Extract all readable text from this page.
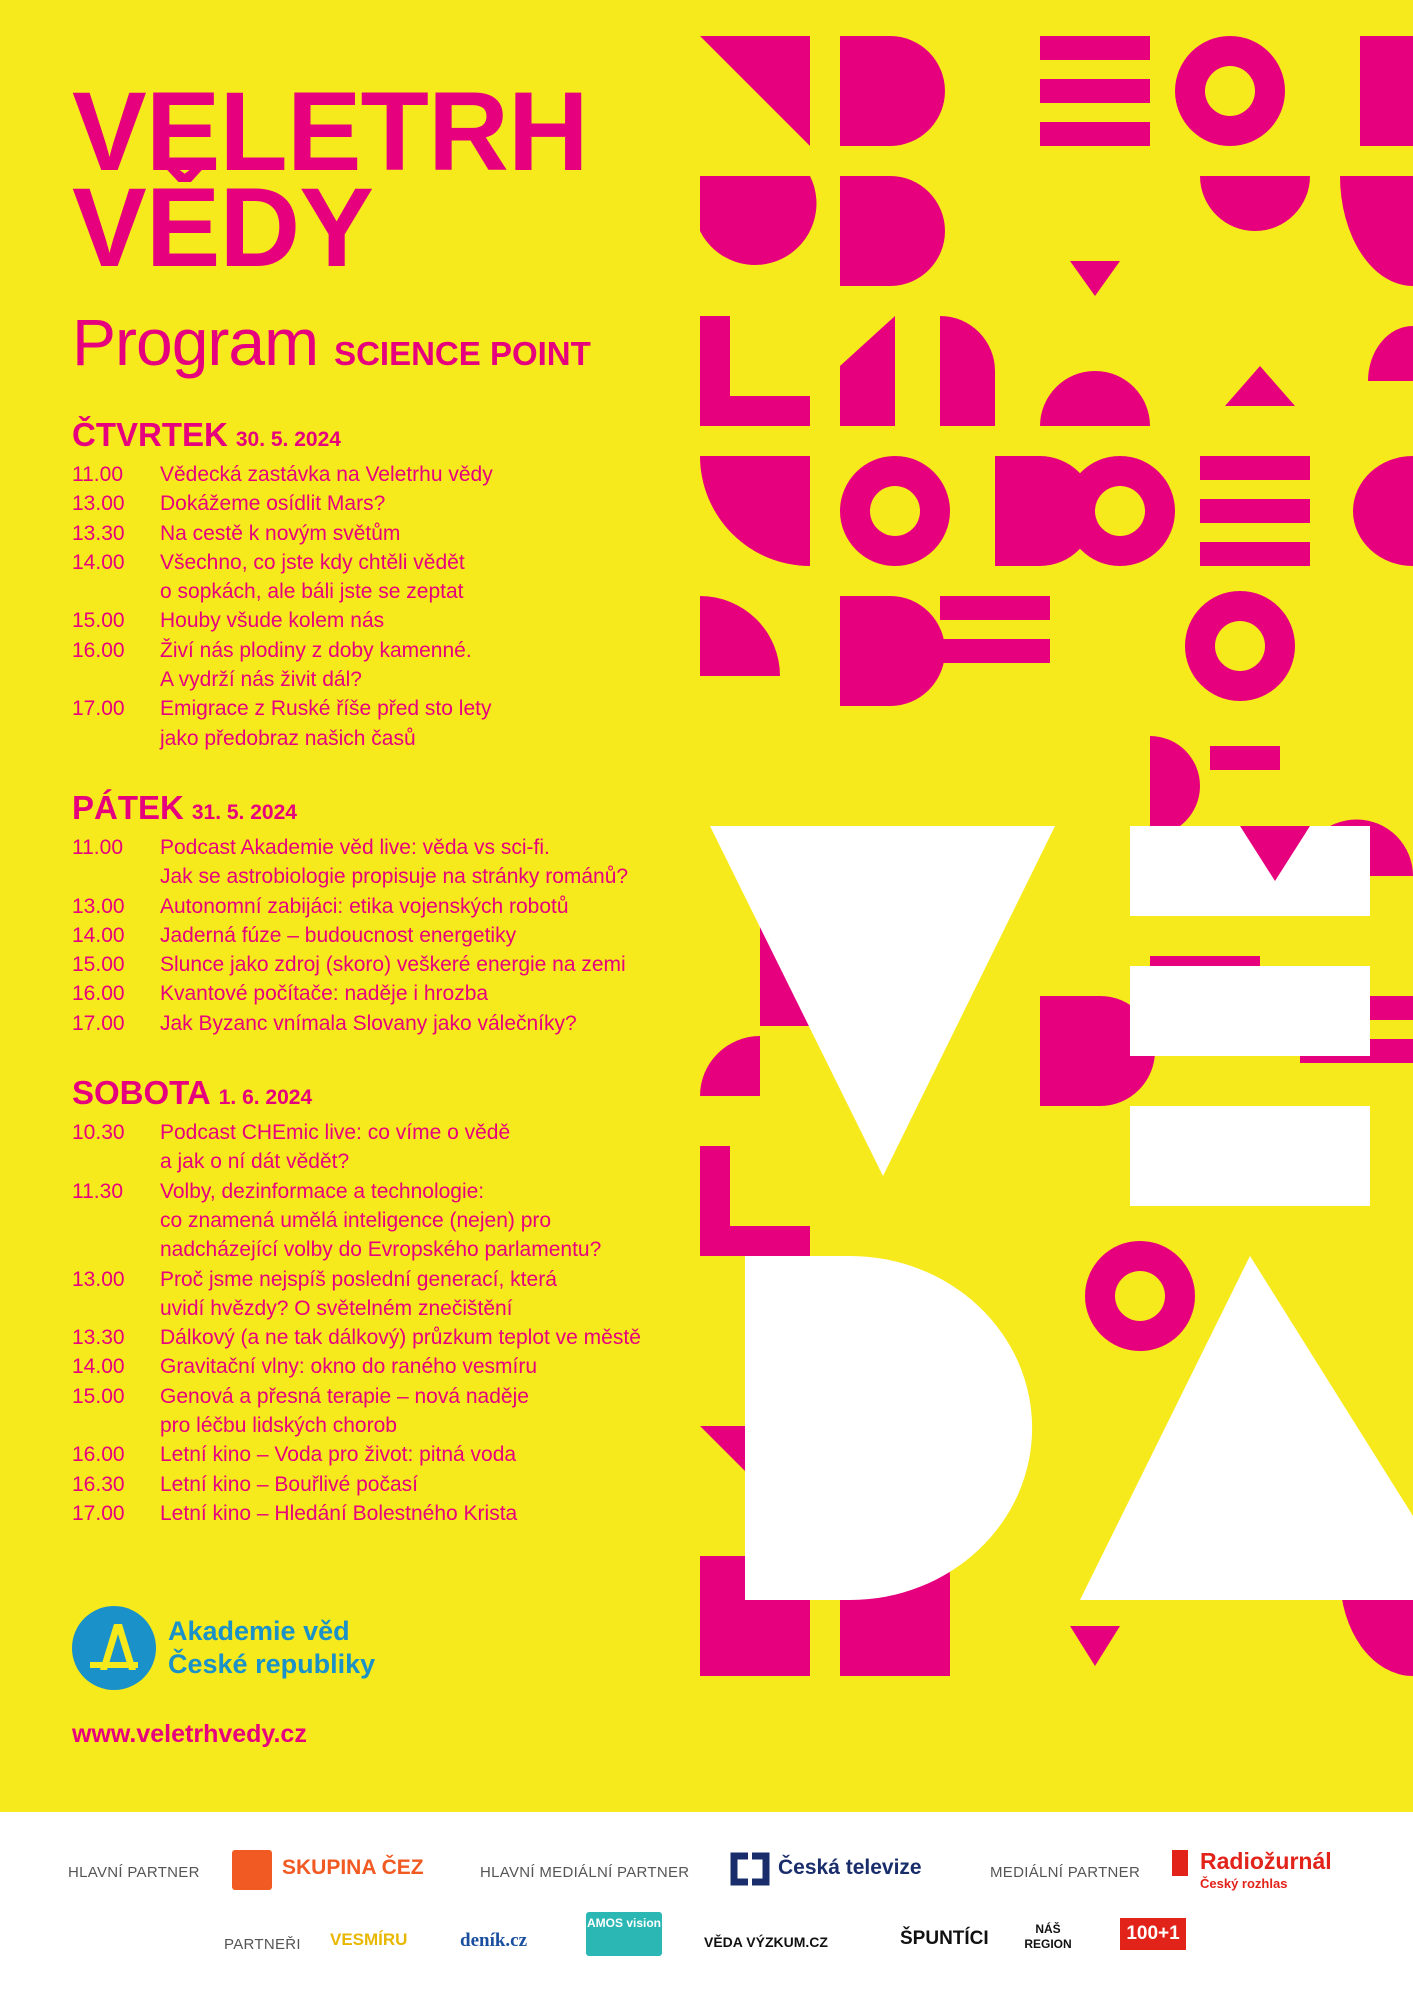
VELETRH
VĚDY
Program SCIENCE POINT
ČTVRTEK 30. 5. 2024
11.00	Vědecká zastávka na Veletrhu vědy
13.00	Dokážeme osídlit Mars?
13.30	Na cestě k novým světům
14.00	Všechno, co jste kdy chtěli vědět
o sopkách, ale báli jste se zeptat
15.00	Houby všude kolem nás
16.00	Živí nás plodiny z doby kamenné.
A vydrží nás živit dál?
17.00	Emigrace z Ruské říše před sto lety
jako předobraz našich časů
PÁTEK 31. 5. 2024
11.00	Podcast Akademie věd live: věda vs sci-fi.
Jak se astrobiologie propisuje na stránky románů?
13.00	Autonomní zabijáci: etika vojenských robotů
14.00	Jaderná fúze – budoucnost energetiky
15.00	Slunce jako zdroj (skoro) veškeré energie na zemi
16.00	Kvantové počítače: naděje i hrozba
17.00	Jak Byzanc vnímala Slovany jako válečníky?
SOBOTA 1. 6. 2024
10.30	Podcast CHEmic live: co víme o vědě
a jak o ní dát vědět?
11.30	Volby, dezinformace a technologie:
co znamená umělá inteligence (nejen) pro
nadcházející volby do Evropského parlamentu?
13.00	Proč jsme nejspíš poslední generací, která
uvidí hvězdy? O světelném znečištění
13.30	Dálkový (a ne tak dálkový) průzkum teplot ve městě
14.00	Gravitační vlny: okno do raného vesmíru
15.00	Genová a přesná terapie – nová naděje
pro léčbu lidských chorob
16.00	Letní kino – Voda pro život: pitná voda
16.30	Letní kino – Bouřlivé počasí
17.00	Letní kino – Hledání Bolestného Krista
Akademie věd
České republiky
www.veletrhvedy.cz
HLAVNÍ PARTNER	SKUPINA ČEZ	HLAVNÍ MEDIÁLNÍ PARTNER	Česká televize	MEDIÁLNÍ PARTNER	Radiožurnál
Český rozhlas
PARTNEŘI VESMÍRU	deník.cz
AMOS vision
VĚDA VÝZKUM.CZ	ŠPUNTÍCI	NÁŠ REGION	100+1
